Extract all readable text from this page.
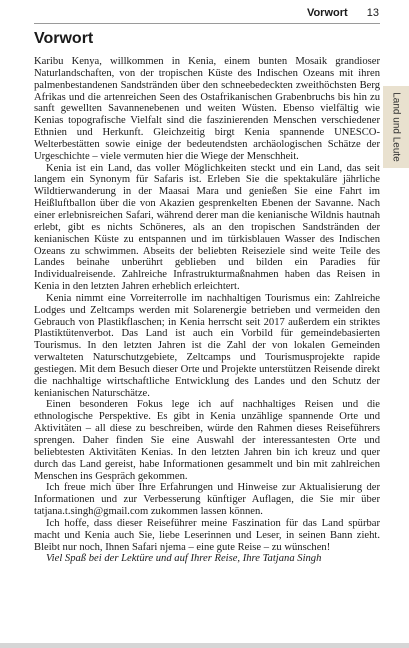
Vorwort 13
Land und Leute
Vorwort

Karibu Kenya, willkommen in Kenia, einem bunten Mosaik grandioser Naturlandschaften, von der tropischen Küste des Indischen Ozeans mit ihren palmenbestandenen Sandstränden über den schneebedeckten zweithöchsten Berg Afrikas und die artenreichen Seen des Ostafrikanischen Grabenbruchs bis hin zu sanft gewellten Savannenebenen und weiten Wüsten. Ebenso vielfältig wie Kenias topografische Vielfalt sind die faszinierenden Menschen verschiedener Ethnien und Herkunft. Gleichzeitig birgt Kenia spannende UNESCO-Welterbestätten sowie einige der bedeutendsten archäologischen Schätze der Urgeschichte – viele vermuten hier die Wiege der Menschheit.

Kenia ist ein Land, das voller Möglichkeiten steckt und ein Land, das seit langem ein Synonym für Safaris ist. Erleben Sie die spektakuläre jährliche Wildtierwanderung in der Maasai Mara und genießen Sie eine Fahrt im Heißluftballon über die von Akazien gesprenkelten Ebenen der Savanne. Nach einer erlebnisreichen Safari, während derer man die kenianische Wildnis hautnah erlebt, gibt es nichts Schöneres, als an den tropischen Sandstränden der kenianischen Küste zu entspannen und im türkisblauen Wasser des Indischen Ozeans zu schwimmen. Abseits der beliebten Reiseziele sind weite Teile des Landes beinahe unberührt geblieben und bilden ein Paradies für Individualreisende. Zahlreiche Infrastrukturmaßnahmen haben das Reisen in Kenia in den letzten Jahren erheblich erleichtert.

Kenia nimmt eine Vorreiterrolle im nachhaltigen Tourismus ein: Zahlreiche Lodges und Zeltcamps werden mit Solarenergie betrieben und vermeiden den Gebrauch von Plastikflaschen; in Kenia herrscht seit 2017 außerdem ein striktes Plastiktütenverbot. Das Land ist auch ein Vorbild für gemeindebasierten Tourismus. In den letzten Jahren ist die Zahl der von lokalen Gemeinden verwalteten Naturschutzgebiete, Zeltcamps und Tourismusprojekte rapide gestiegen. Mit dem Besuch dieser Orte und Projekte unterstützen Reisende direkt die nachhaltige wirtschaftliche Entwicklung des Landes und den Schutz der kenianischen Naturschätze.

Einen besonderen Fokus lege ich auf nachhaltiges Reisen und die ethnologische Perspektive. Es gibt in Kenia unzählige spannende Orte und Aktivitäten – all diese zu beschreiben, würde den Rahmen dieses Reiseführers sprengen. Daher finden Sie eine Auswahl der interessantesten Orte und beliebtesten Aktivitäten Kenias. In den letzten Jahren bin ich kreuz und quer durch das Land gereist, habe Informationen gesammelt und bin mit zahlreichen Menschen ins Gespräch gekommen.

Ich freue mich über Ihre Erfahrungen und Hinweise zur Aktualisierung der Informationen und zur Verbesserung künftiger Auflagen, die Sie mir über tatjana.t.singh@gmail.com zukommen lassen können.

Ich hoffe, dass dieser Reiseführer meine Faszination für das Land spürbar macht und Kenia auch Sie, liebe Leserinnen und Leser, in seinen Bann zieht. Bleibt nur noch, Ihnen Safari njema – eine gute Reise – zu wünschen!

Viel Spaß bei der Lektüre und auf Ihrer Reise, Ihre Tatjana Singh
